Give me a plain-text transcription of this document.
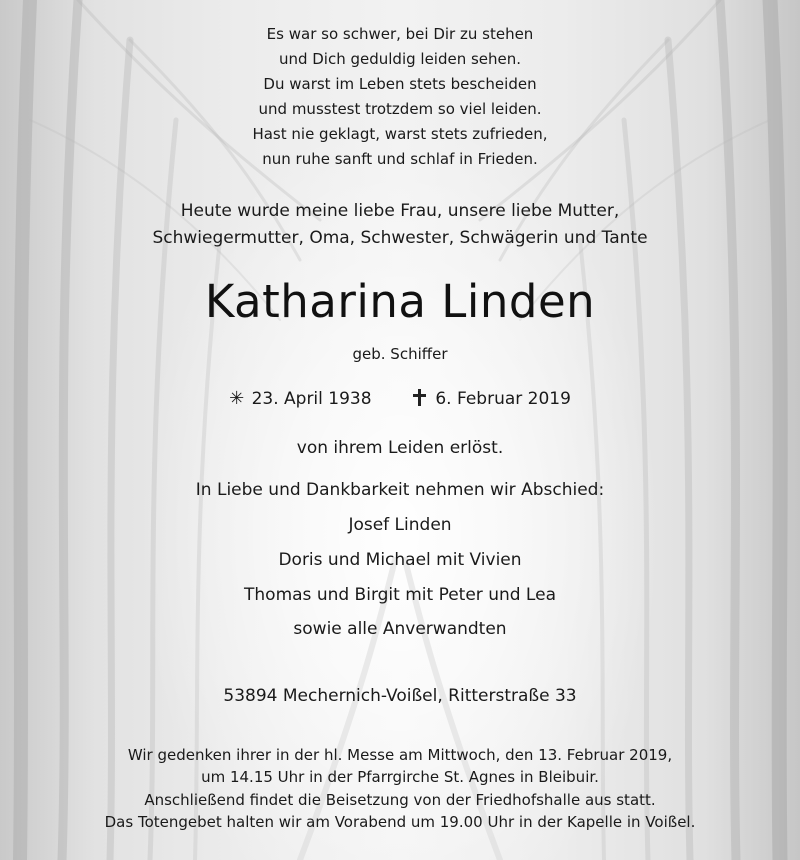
Es war so schwer, bei Dir zu stehen
und Dich geduldig leiden sehen.
Du warst im Leben stets bescheiden
und musstest trotzdem so viel leiden.
Hast nie geklagt, warst stets zufrieden,
nun ruhe sanft und schlaf in Frieden.
Heute wurde meine liebe Frau, unsere liebe Mutter,
Schwiegermutter, Oma, Schwester, Schwägerin und Tante
Katharina Linden
geb. Schiffer
✳ 23. April 1938	6. Februar 2019
von ihrem Leiden erlöst.
In Liebe und Dankbarkeit nehmen wir Abschied:
Josef Linden
Doris und Michael mit Vivien
Thomas und Birgit mit Peter und Lea
sowie alle Anverwandten
53894 Mechernich-Voißel, Ritterstraße 33
Wir gedenken ihrer in der hl. Messe am Mittwoch, den 13. Februar 2019,
um 14.15 Uhr in der Pfarrgirche St. Agnes in Bleibuir.
Anschließend findet die Beisetzung von der Friedhofshalle aus statt.
Das Totengebet halten wir am Vorabend um 19.00 Uhr in der Kapelle in Voißel.
